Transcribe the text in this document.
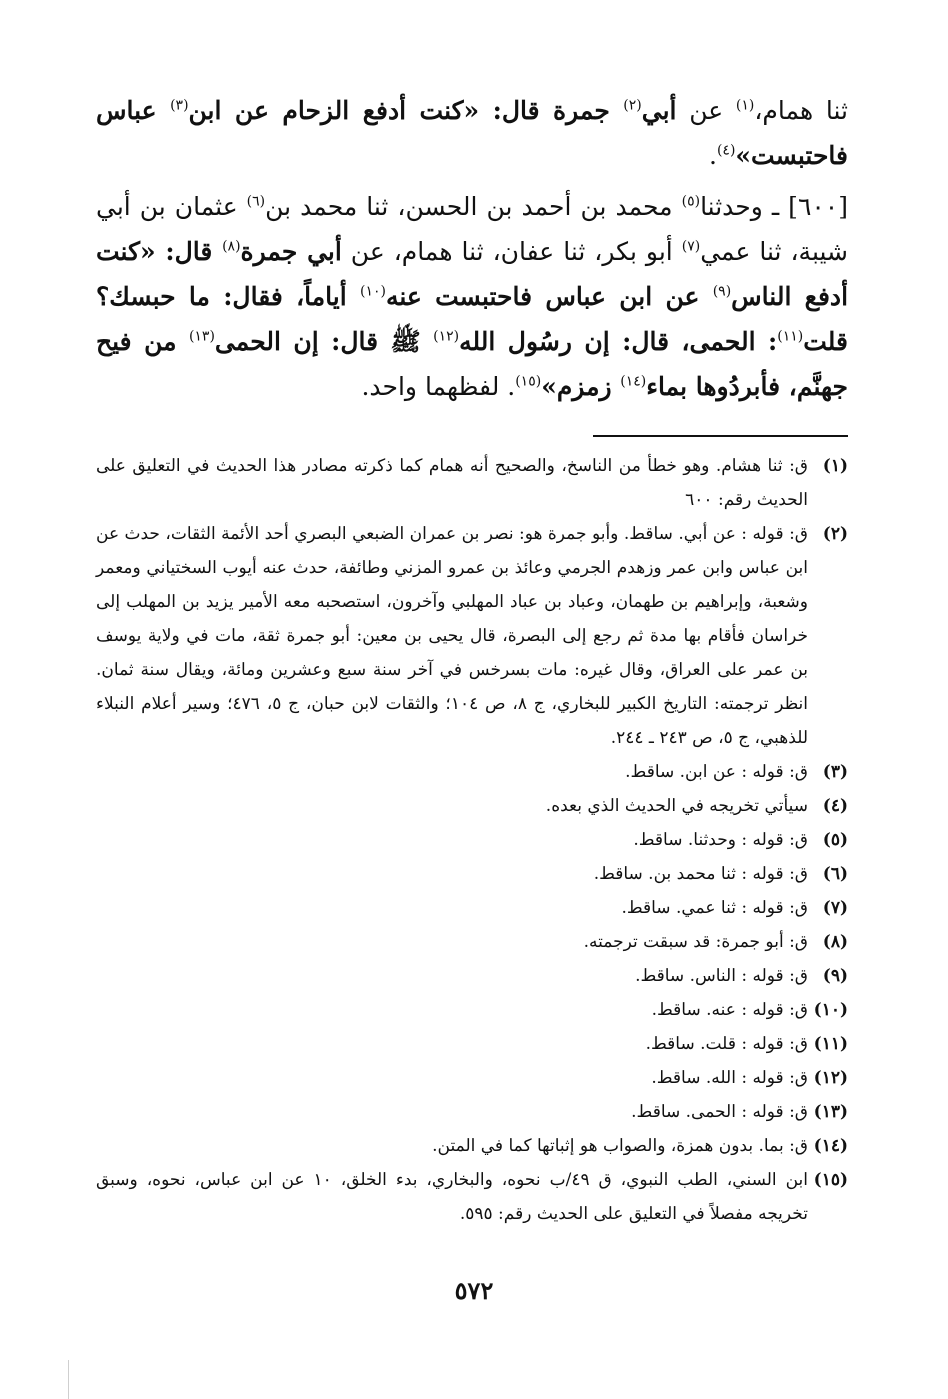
ثنا همام،$^{(١)}$ عن أبي$^{(٢)}$ جمرة قال: «كنت أدفع الزحام عن ابن$^{(٣)}$ عباس فاحتبست»$^{(٤)}$.

[٦٠٠] ـ وحدثنا$^{(٥)}$ محمد بن أحمد بن الحسن، ثنا محمد بن$^{(٦)}$ عثمان بن أبي شيبة، ثنا عمي$^{(٧)}$ أبو بكر، ثنا عفان، ثنا همام، عن أبي جمرة$^{(٨)}$ قال: «كنت أدفع الناس$^{(٩)}$ عن ابن عباس فاحتبست عنه$^{(١٠)}$ أياماً، فقال: ما حبسك؟ قلت$^{(١١)}$: الحمى، قال: إن رسُول الله$^{(١٢)}$ ﷺ قال: إن الحمى$^{(١٣)}$ من فيح جهنَّم، فأبردُوها بماء$^{(١٤)}$ زمزم»$^{(١٥)}$. لفظهما واحد.

(١)
ق: ثنا هشام. وهو خطأ من الناسخ، والصحيح أنه همام كما ذكرته مصادر هذا الحديث في التعليق على الحديث رقم: ٦٠٠
(٢)
ق: قوله : عن أبي. ساقط. وأبو جمرة هو: نصر بن عمران الضبعي البصري أحد الأئمة الثقات، حدث عن ابن عباس وابن عمر وزهدم الجرمي وعائذ بن عمرو المزني وطائفة، حدث عنه أيوب السختياني ومعمر وشعبة، وإبراهيم بن طهمان، وعباد بن عباد المهلبي وآخرون، استصحبه معه الأمير يزيد بن المهلب إلى خراسان فأقام بها مدة ثم رجع إلى البصرة، قال يحيى بن معين: أبو جمرة ثقة، مات في ولاية يوسف بن عمر على العراق، وقال غيره: مات بسرخس في آخر سنة سبع وعشرين ومائة، ويقال سنة ثمان. انظر ترجمته: التاريخ الكبير للبخاري، ج ٨، ص ١٠٤؛ والثقات لابن حبان، ج ٥، ٤٧٦؛ وسير أعلام النبلاء للذهبي، ج ٥، ص ٢٤٣ ـ ٢٤٤.
(٣)
ق: قوله : عن ابن. ساقط.
(٤)
سيأتي تخريجه في الحديث الذي بعده.
(٥)
ق: قوله : وحدثنا. ساقط.
(٦)
ق: قوله : ثنا محمد بن. ساقط.
(٧)
ق: قوله : ثنا عمي. ساقط.
(٨)
ق: أبو جمرة: قد سبقت ترجمته.
(٩)
ق: قوله : الناس. ساقط.
(١٠)
ق: قوله : عنه. ساقط.
(١١)
ق: قوله : قلت. ساقط.
(١٢)
ق: قوله : الله. ساقط.
(١٣)
ق: قوله : الحمى. ساقط.
(١٤)
ق: بما. بدون همزة، والصواب هو إثباتها كما في المتن.
(١٥)
ابن السني، الطب النبوي، ق ٤٩/ب نحوه، والبخاري، بدء الخلق، ١٠ عن ابن عباس، نحوه، وسبق تخريجه مفصلاً في التعليق على الحديث رقم: ٥٩٥.
٥٧٢
